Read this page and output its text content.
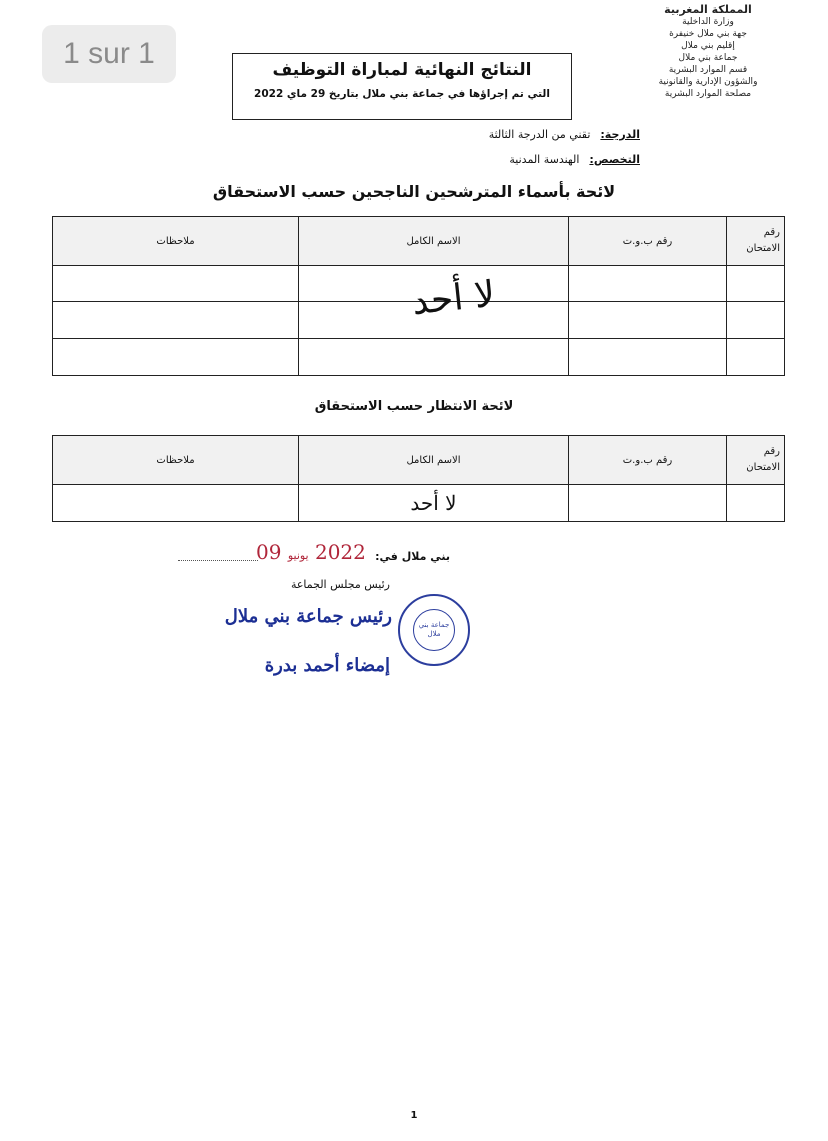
1 sur 1
المملكة المغربية
وزارة الداخلية
جهة بني ملال خنيفرة
إقليم بني ملال
جماعة بني ملال
قسم الموارد البشرية
والشؤون الإدارية والقانونية
مصلحة الموارد البشرية
النتائج النهائية لمباراة التوظيف
التي تم إجراؤها في جماعة بني ملال بتاريخ 29 ماي 2022
الدرجة:تقني من الدرجة الثالثة
التخصص:الهندسة المدنية
لائحة بأسماء المترشحين الناجحين حسب الاستحقاق
رقم الامتحان	رقم ب.و.ت	الاسم الكامل	ملاحظات

لا أحد
لائحة الانتظار حسب الاستحقاق
رقم الامتحان	رقم ب.و.ت	الاسم الكامل	ملاحظات
		لا أحد	
بني ملال في:
2022 يونيو 09
رئيس مجلس الجماعة
جماعة بني ملال
رئيس جماعة بني ملال
إمضاء أحمد بدرة
1
